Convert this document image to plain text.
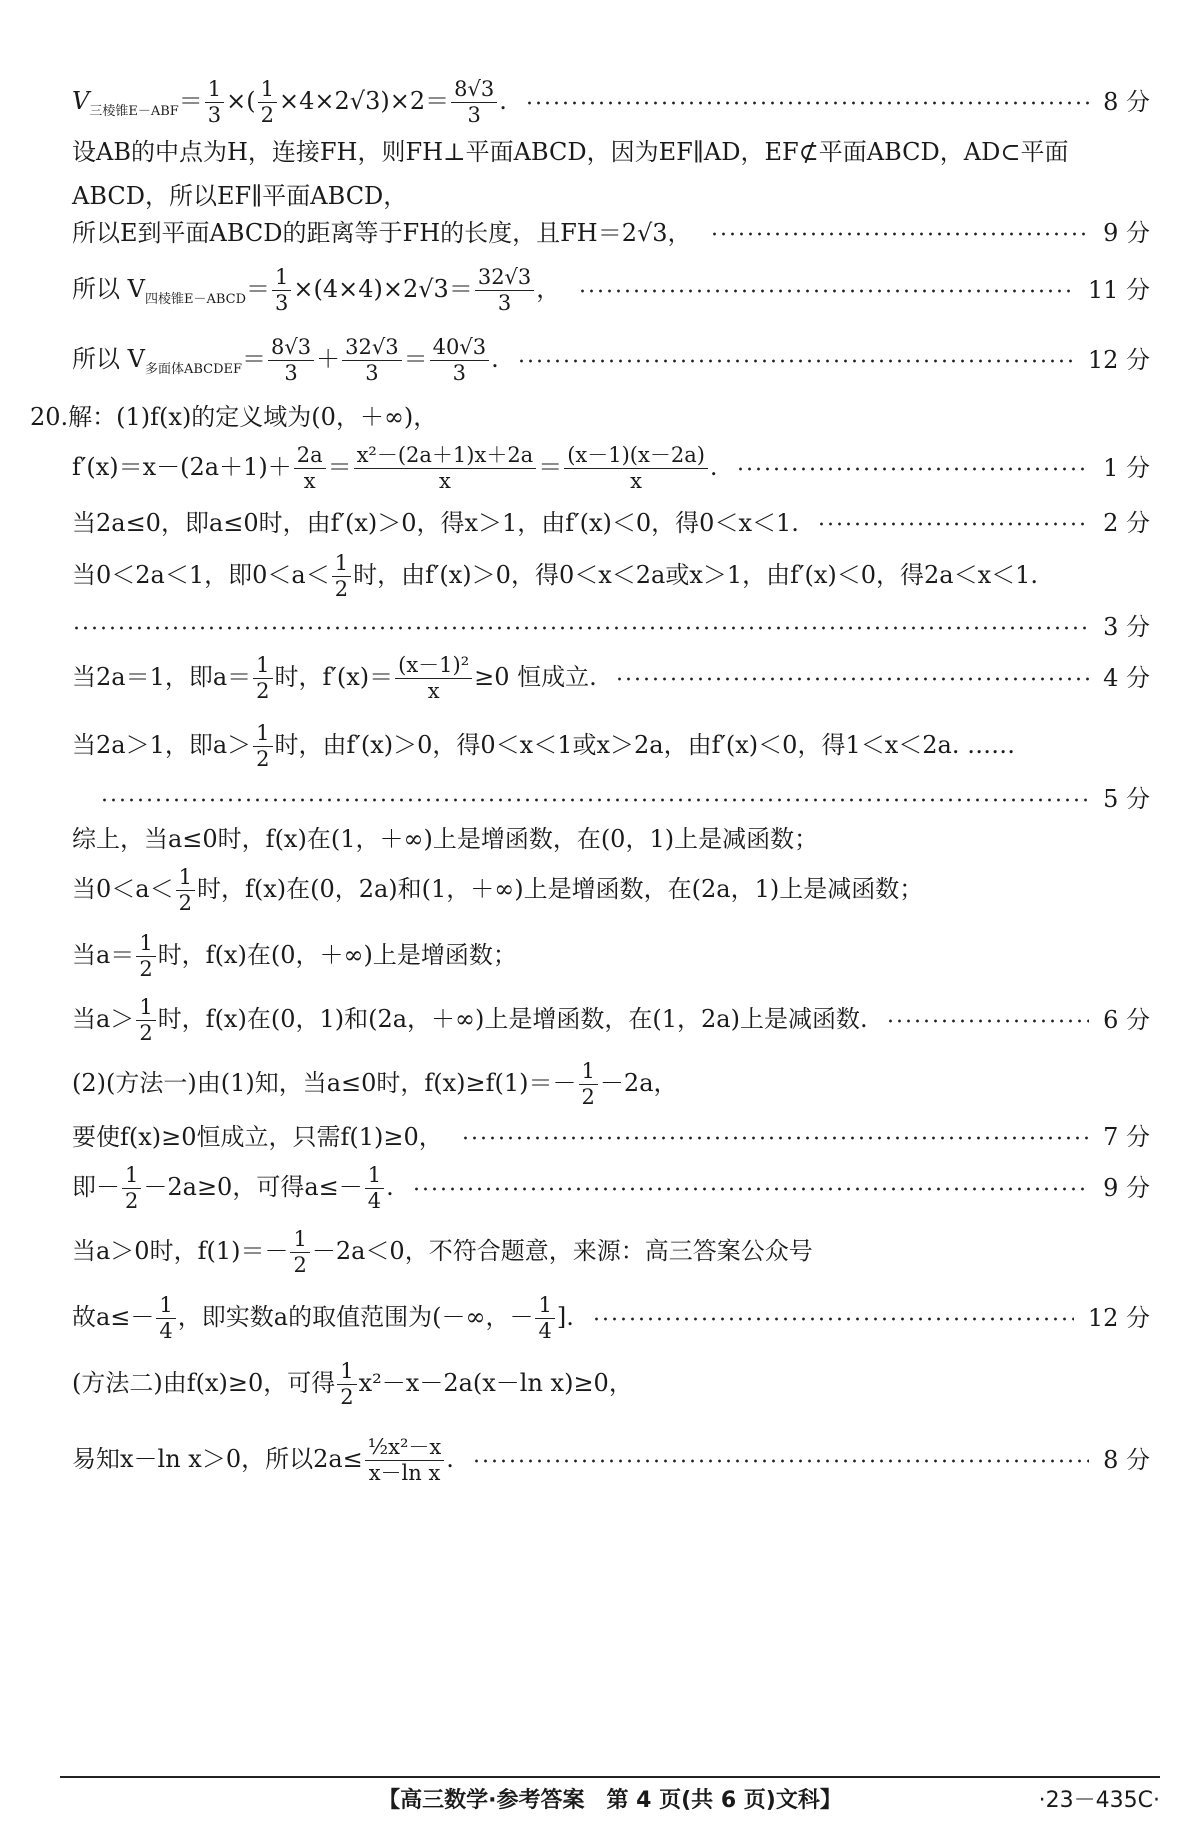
$V_{三棱锥E-ABF}= \frac{1}{3}$ ×( $\frac{1}{2} \times 4\times 2√3)\times 2= \frac{8√3}{3}$ .	8 分
设AB的中点为H，连接FH，则FH⊥平面ABCD，因为EF∥AD，EF⊄平面ABCD，AD⊂平面ABCD，所以EF∥平面ABCD，
所以E到平面ABCD的距离等于FH的长度，且FH＝2√3，	9 分
所以 $V_{四棱锥E-ABCD}= \frac{1}{3} \times(4\times 4)\times 2√3= \frac{32√3}{3}$ ，	11 分
所以 $V_{多面体ABCDEF}= \frac{8√3}{3} + \frac{32√3}{3} = \frac{40√3}{3}$ .	12 分
20.解：(1)f(x)的定义域为(0，＋∞)，
$f'(x)=x-(2a+1)+ \frac{2a}{x} = \frac{\text{x²－(2a＋1)x＋2a}}{x} = \frac{(x-1)(x-2a)}{x}$ .	1 分
当2a≤0，即a≤0时，由f′(x)＞0，得x＞1，由f′(x)＜0，得0＜x＜1.	2 分
当0＜2a＜1，即$0<a< \frac{1}{2}$ 时，由f′(x)＞0，得0＜x＜2a或x＞1，由f′(x)＜0，得2a＜x＜1.
3 分
当2a＝1，即$a= \frac{1}{2}$ 时，$f'(x)= \frac{\text{(x－1)²}}{x} \ge 0$ 恒成立.	4 分
当2a＞1，即$a> \frac{1}{2}$ 时，由f′(x)＞0，得0＜x＜1或x＞2a，由f′(x)＜0，得1＜x＜2a. ……
5 分
综上，当a≤0时，f(x)在(1，＋∞)上是增函数，在(0，1)上是减函数；
当$0<a< \frac{1}{2}$ 时，f(x)在(0，2a)和(1，＋∞)上是增函数，在(2a，1)上是减函数；
当$a= \frac{1}{2}$ 时，f(x)在(0，＋∞)上是增函数；
当$a> \frac{1}{2}$ 时，f(x)在(0，1)和(2a，＋∞)上是增函数，在(1，2a)上是减函数.	6 分
(2)(方法一)由(1)知，当a≤0时，$f(x)\ge f(1)=- \frac{1}{2} -2a$，
要使f(x)≥0恒成立，只需f(1)≥0，	7 分
即－ $\frac{1}{2} -2a\ge 0$，可得$a\le- \frac{1}{4}$ .	9 分
当a＞0时，$f(1)=- \frac{1}{2} -2a<0$，不符合题意，来源：高三答案公众号
故$a\le- \frac{1}{4}$ ，即实数a的取值范围为(－∞，－ $\frac{1}{4}$ ].	12 分
(方法二)由f(x)≥0，可得 $\frac{1}{2} x^2-x-2a(x-\ln$ x)≥0，
易知x－ln x＞0，所以$2a\le \frac{\text{½x²－x}}{\text{x－ln x}}$ .	8 分
【高三数学·参考答案　第 4 页(共 6 页)文科】	·23－435C·
